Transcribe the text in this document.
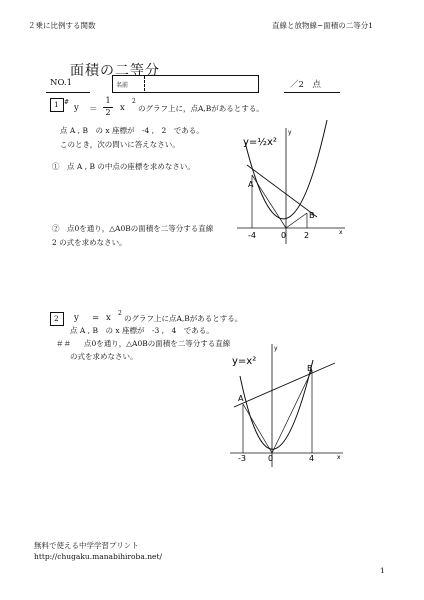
２乗に比例する関数	直線と放物線~面積の二等分1
面積の二等分
NO.1	名前	／2　点
1 #
y ＝
1
2 x
2
のグラフ上に，点A,Bがあるとする。
点 A , B　の x 座標が　-4 ,　2　である。
このとき，次の問いに答えなさい。
①　点 A , B の中点の座標を求めなさい。
②　点0を通り，△A0Bの面積を二等分する直線
2 の式を求めなさい。
y=½x²
A
B
-4	0 2	x
y
2 y = x 2
のグラフ上に点A,Bがあるとする。
点 A , B　の x 座標が　-3 ,　4　である。
＃＃ 点0を通り，△A0Bの面積を二等分する直線
の式を求めなさい。	y=x²
A
B
-3	0	4	x
y
無料で使える中学学習プリント
http://chugaku.manabihiroba.net/
1
